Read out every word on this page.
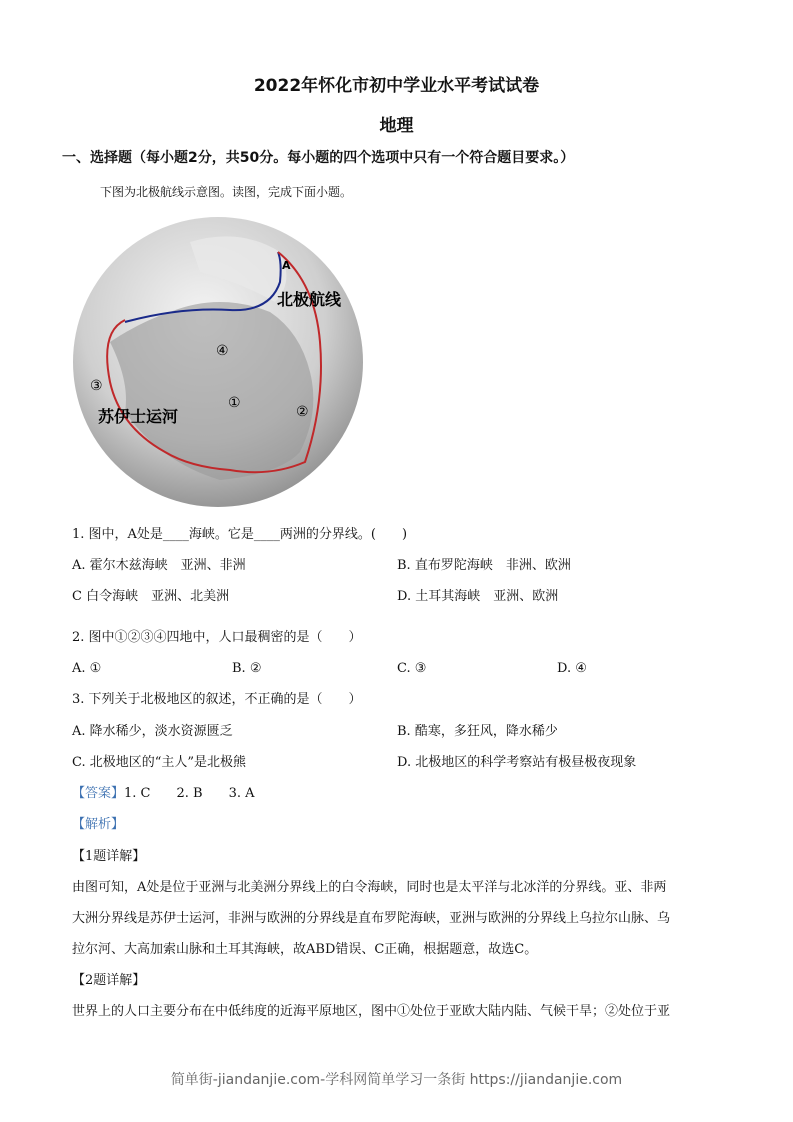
2022年怀化市初中学业水平考试试卷
地理
一、选择题（每小题2分，共50分。每小题的四个选项中只有一个符合题目要求。）
下图为北极航线示意图。读图，完成下面小题。
A
北极航线
苏伊士运河
④
①
②
③
1. 图中，A处是____海峡。它是____两洲的分界线。(　　)
A. 霍尔木兹海峡　亚洲、非洲	B. 直布罗陀海峡　非洲、欧洲
C 白令海峡　亚洲、北美洲	D. 土耳其海峡　亚洲、欧洲
2. 图中①②③④四地中，人口最稠密的是（　　）
A. ①	B. ②	C. ③	D. ④
3. 下列关于北极地区的叙述，不正确的是（　　）
A. 降水稀少，淡水资源匮乏	B. 酷寒，多狂风，降水稀少
C. 北极地区的“主人”是北极熊	D. 北极地区的科学考察站有极昼极夜现象
【答案】1. C　　2. B　　3. A
【解析】
【1题详解】
由图可知，A处是位于亚洲与北美洲分界线上的白令海峡，同时也是太平洋与北冰洋的分界线。亚、非两
大洲分界线是苏伊士运河，非洲与欧洲的分界线是直布罗陀海峡，亚洲与欧洲的分界线上乌拉尔山脉、乌
拉尔河、大高加索山脉和土耳其海峡，故ABD错误、C正确，根据题意，故选C。
【2题详解】
世界上的人口主要分布在中低纬度的近海平原地区，图中①处位于亚欧大陆内陆、气候干旱；②处位于亚
简单街-jiandanjie.com-学科网简单学习一条街 https://jiandanjie.com
